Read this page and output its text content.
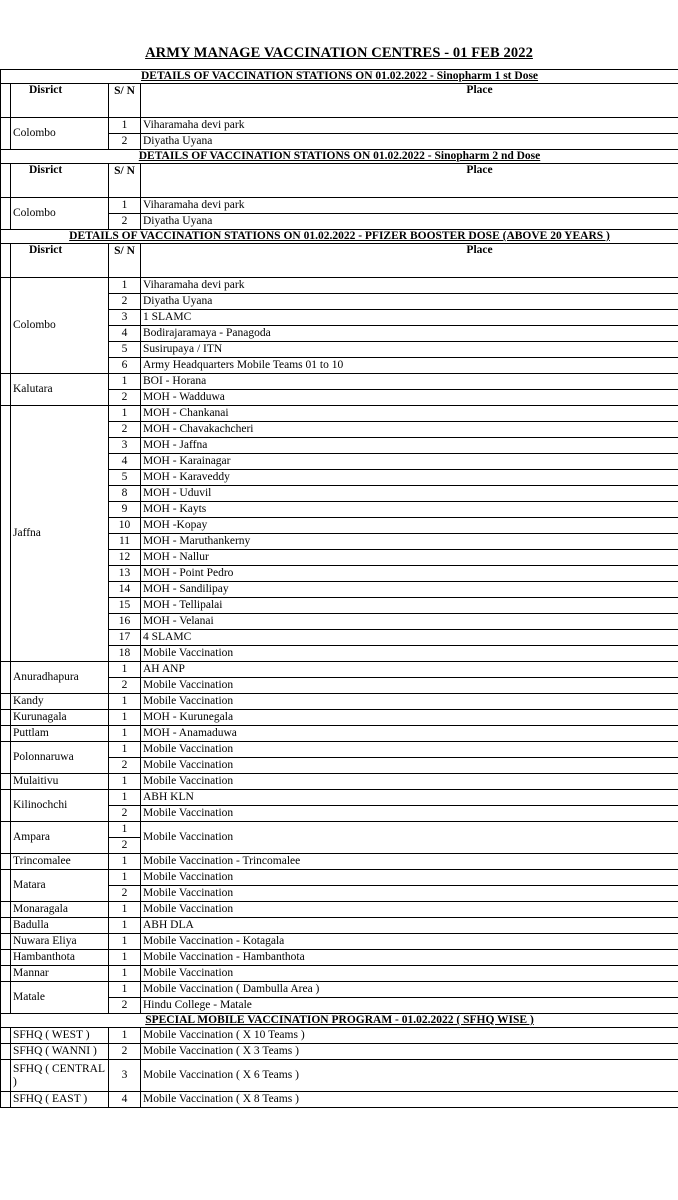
ARMY MANAGE VACCINATION CENTRES - 01 FEB 2022
DETAILS OF VACCINATION STATIONS ON 01.02.2022 - Sinopharm 1 st Dose			
	Disrict	S/ N	Place
	Colombo	1	Viharamaha devi park
		2	Diyatha Uyana
DETAILS OF VACCINATION STATIONS ON 01.02.2022 - Sinopharm 2 nd Dose			
	Disrict	S/ N	Place
	Colombo	1	Viharamaha devi park
		2	Diyatha Uyana
DETAILS OF VACCINATION STATIONS ON 01.02.2022 - PFIZER BOOSTER DOSE (ABOVE 20 YEARS )			
	Disrict	S/ N	Place
	Colombo	1	Viharamaha devi park
		2	Diyatha Uyana
		3	1 SLAMC
		4	Bodirajaramaya - Panagoda
		5	Susirupaya / ITN
		6	Army Headquarters Mobile Teams 01 to 10
	Kalutara	1	BOI - Horana
		2	MOH - Wadduwa
	Jaffna	1	MOH - Chankanai
		2	MOH - Chavakachcheri
		3	MOH - Jaffna
		4	MOH - Karainagar
		5	MOH - Karaveddy
		8	MOH - Uduvil
		9	MOH - Kayts
		10	MOH -Kopay
		11	MOH - Maruthankerny
		12	MOH - Nallur
		13	MOH - Point Pedro
		14	MOH - Sandilipay
		15	MOH - Tellipalai
		16	MOH - Velanai
		17	4 SLAMC
		18	Mobile Vaccination
	Anuradhapura	1	AH ANP
		2	Mobile Vaccination
	Kandy	1	Mobile Vaccination
	Kurunagala	1	MOH - Kurunegala
	Puttlam	1	MOH - Anamaduwa
	Polonnaruwa	1	Mobile Vaccination
		2	Mobile Vaccination
	Mulaitivu	1	Mobile Vaccination
	Kilinochchi	1	ABH KLN
		2	Mobile Vaccination
	Ampara	1	Mobile Vaccination
		2	
	Trincomalee	1	Mobile Vaccination - Trincomalee
	Matara	1	Mobile Vaccination
		2	Mobile Vaccination
	Monaragala	1	Mobile Vaccination
	Badulla	1	ABH DLA
	Nuwara Eliya	1	Mobile Vaccination - Kotagala
	Hambanthota	1	Mobile Vaccination - Hambanthota
	Mannar	1	Mobile Vaccination
	Matale	1	Mobile Vaccination ( Dambulla Area )
		2	Hindu College - Matale
SPECIAL MOBILE VACCINATION PROGRAM - 01.02.2022 ( SFHQ WISE )			
	SFHQ ( WEST )	1	Mobile Vaccination ( X 10 Teams )
	SFHQ ( WANNI )	2	Mobile Vaccination ( X 3 Teams )
	SFHQ ( CENTRAL )	3	Mobile Vaccination ( X 6 Teams )
	SFHQ ( EAST )	4	Mobile Vaccination ( X 8 Teams )
